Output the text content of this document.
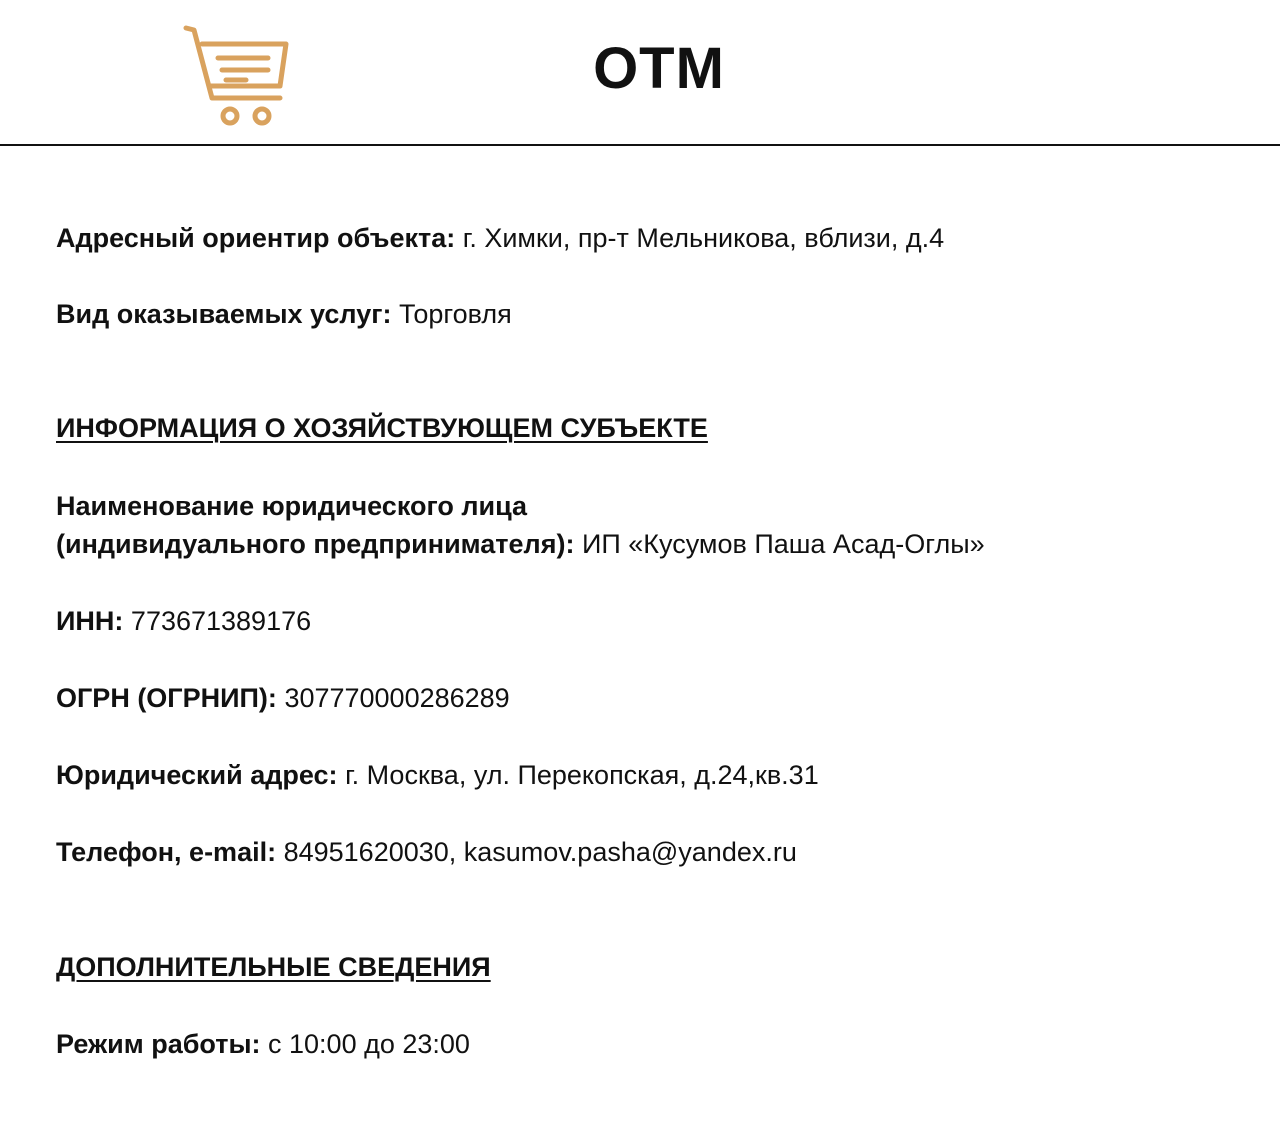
ОТМ
Адресный ориентир объекта: г. Химки, пр-т Мельникова, вблизи, д.4
Вид оказываемых услуг: Торговля
ИНФОРМАЦИЯ О ХОЗЯЙСТВУЮЩЕМ СУБЪЕКТЕ
Наименование юридического лица
(индивидуального предпринимателя): ИП «Кусумов Паша Асад-Оглы»
ИНН: 773671389176
ОГРН (ОГРНИП): 307770000286289
Юридический адрес: г. Москва, ул. Перекопская, д.24,кв.31
Телефон, e-mail: 84951620030, kasumov.pasha@yandex.ru
ДОПОЛНИТЕЛЬНЫЕ СВЕДЕНИЯ
Режим работы: с 10:00 до 23:00
